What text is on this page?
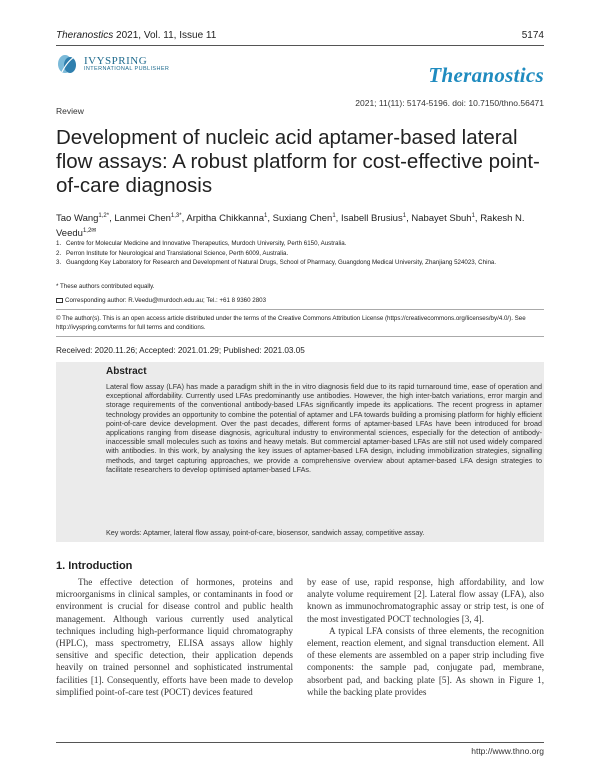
Theranostics 2021, Vol. 11, Issue 11	5174
IVYSPRING
INTERNATIONAL PUBLISHER	Theranostics
2021; 11(11): 5174-5196. doi: 10.7150/thno.56471
Review
Development of nucleic acid aptamer-based lateral flow assays: A robust platform for cost-effective point-of-care diagnosis
Tao Wang$^{1,2*}$, Lanmei Chen$^{1,3*}$, Arpitha Chikkanna$^1$, Suxiang Chen$^1$, Isabell Brusius$^1$, Nabayet Sbuh$^1$, Rakesh N. Veedu$^{1,2✉}$
1. Centre for Molecular Medicine and Innovative Therapeutics, Murdoch University, Perth 6150, Australia.
2. Perron Institute for Neurological and Translational Science, Perth 6009, Australia.
3. Guangdong Key Laboratory for Research and Development of Natural Drugs, School of Pharmacy, Guangdong Medical University, Zhanjiang 524023, China.
* These authors contributed equally.
Corresponding author: R.Veedu@murdoch.edu.au; Tel.: +61 8 9360 2803
© The author(s). This is an open access article distributed under the terms of the Creative Commons Attribution License (https://creativecommons.org/licenses/by/4.0/). See http://ivyspring.com/terms for full terms and conditions.
Received: 2020.11.26; Accepted: 2021.01.29; Published: 2021.03.05
Abstract
Lateral flow assay (LFA) has made a paradigm shift in the in vitro diagnosis field due to its rapid turnaround time, ease of operation and exceptional affordability. Currently used LFAs predominantly use antibodies. However, the high inter-batch variations, error margin and storage requirements of the conventional antibody-based LFAs significantly impede its applications. The recent progress in aptamer technology provides an opportunity to combine the potential of aptamer and LFA towards building a promising platform for highly efficient point-of-care device development. Over the past decades, different forms of aptamer-based LFAs have been introduced for broad applications ranging from disease diagnosis, agricultural industry to environmental sciences, especially for the detection of antibody-inaccessible small molecules such as toxins and heavy metals. But commercial aptamer-based LFAs are still not used widely compared with antibodies. In this work, by analysing the key issues of aptamer-based LFA design, including immobilization strategies, signalling methods, and target capturing approaches, we provide a comprehensive overview about aptamer-based LFA design strategies to facilitate researchers to develop optimised aptamer-based LFAs.
Key words: Aptamer, lateral flow assay, point-of-care, biosensor, sandwich assay, competitive assay.
1. Introduction

The effective detection of hormones, proteins and microorganisms in clinical samples, or contaminants in food or environment is crucial for disease control and public health management. Although various currently used analytical techniques including high-performance liquid chromatography (HPLC), mass spectrometry, ELISA assays allow highly sensitive and specific detection, their application depends heavily on trained personnel and sophisticated instrumental facilities [1]. Consequently, efforts have been made to develop simplified point-of-care test (POCT) devices featured

by ease of use, rapid response, high affordability, and low analyte volume requirement [2]. Lateral flow assay (LFA), also known as immunochromatographic assay or strip test, is one of the most investigated POCT technologies [3, 4].

A typical LFA consists of three elements, the recognition element, reaction element, and signal transduction element. All of these elements are assembled on a paper strip including five components: the sample pad, conjugate pad, membrane, absorbent pad, and backing plate [5]. As shown in Figure 1, while the backing plate provides

http://www.thno.org
